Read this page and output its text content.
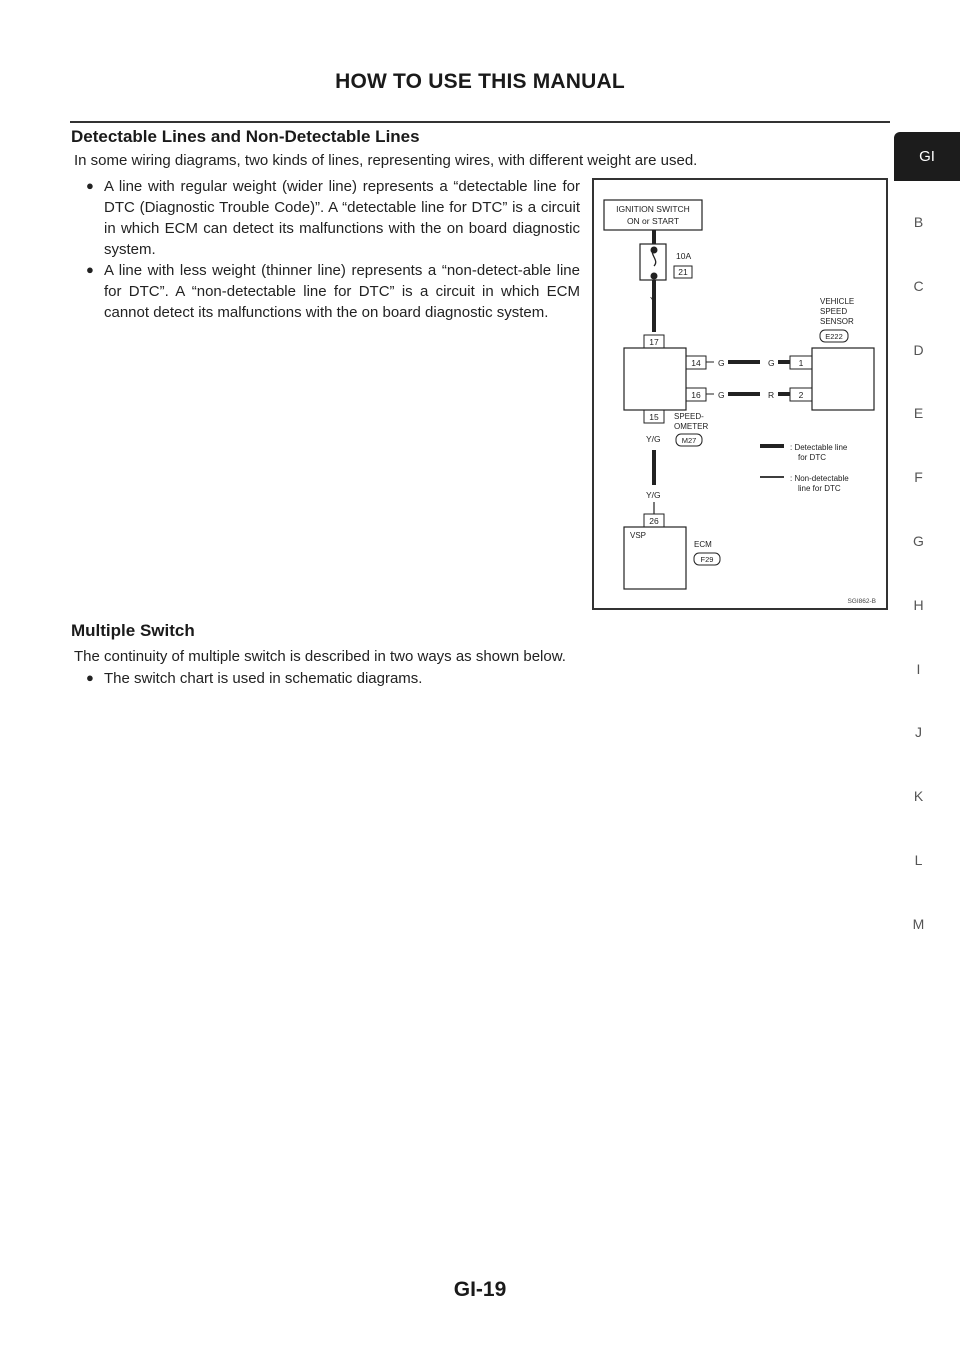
HOW TO USE THIS MANUAL
GI
B
C
D
E
F
G
H
I
J
K
L
M
Detectable Lines and Non-Detectable Lines
In some wiring diagrams, two kinds of lines, representing wires, with different weight are used.
● A line with regular weight (wider line) represents a “detectable line for DTC (Diagnostic Trouble Code)”. A “detectable line for DTC” is a circuit in which ECM can detect its malfunctions with the on board diagnostic system.
● A line with less weight (thinner line) represents a “non-detect-able line for DTC”. A “non-detectable line for DTC” is a circuit in which ECM cannot detect its malfunctions with the on board diagnostic system.
IGNITION SWITCH
ON or START
10A
21
Y	VEHICLE
SPEED
SENSOR
E222
17
14 G	G	1
16 G	R	2
15 SPEED-
OMETER
M27
Y/G
Y/G
: Detectable line
for DTC
: Non-detectable
line for DTC
26
VSP
ECM
F29
SGI862-B
Multiple Switch
The continuity of multiple switch is described in two ways as shown below.
● The switch chart is used in schematic diagrams.
GI-19
